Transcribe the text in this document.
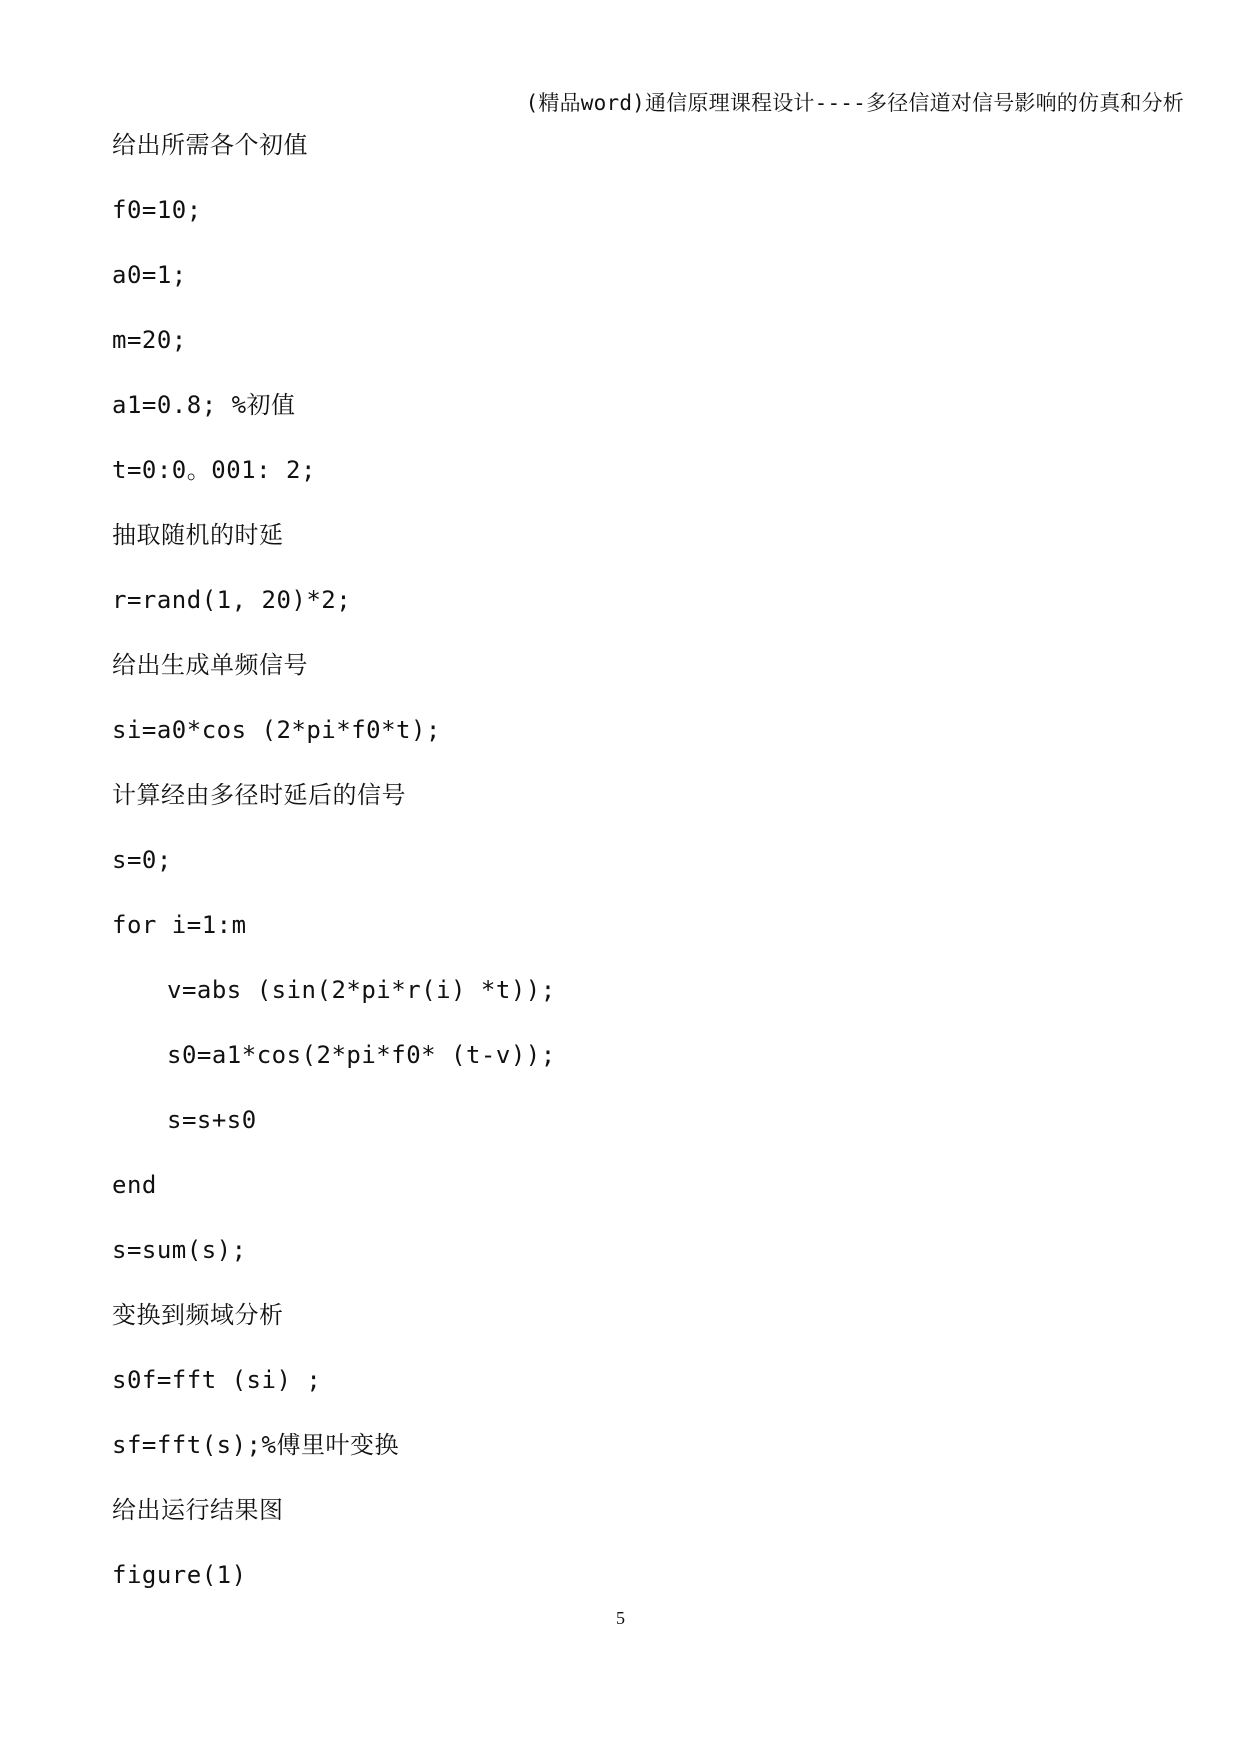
(精品word)通信原理课程设计----多径信道对信号影响的仿真和分析
给出所需各个初值
f0=10;
a0=1;
m=20;
a1=0.8; %初值
t=0:0。001: 2;
抽取随机的时延
r=rand(1, 20)*2;
给出生成单频信号
si=a0*cos (2*pi*f0*t);
计算经由多径时延后的信号
s=0;
for i=1:m
v=abs (sin(2*pi*r(i) *t));
s0=a1*cos(2*pi*f0* (t-v));
s=s+s0
end
s=sum(s);
变换到频域分析
s0f=fft (si) ;
sf=fft(s);%傅里叶变换
给出运行结果图
figure(1)
5
